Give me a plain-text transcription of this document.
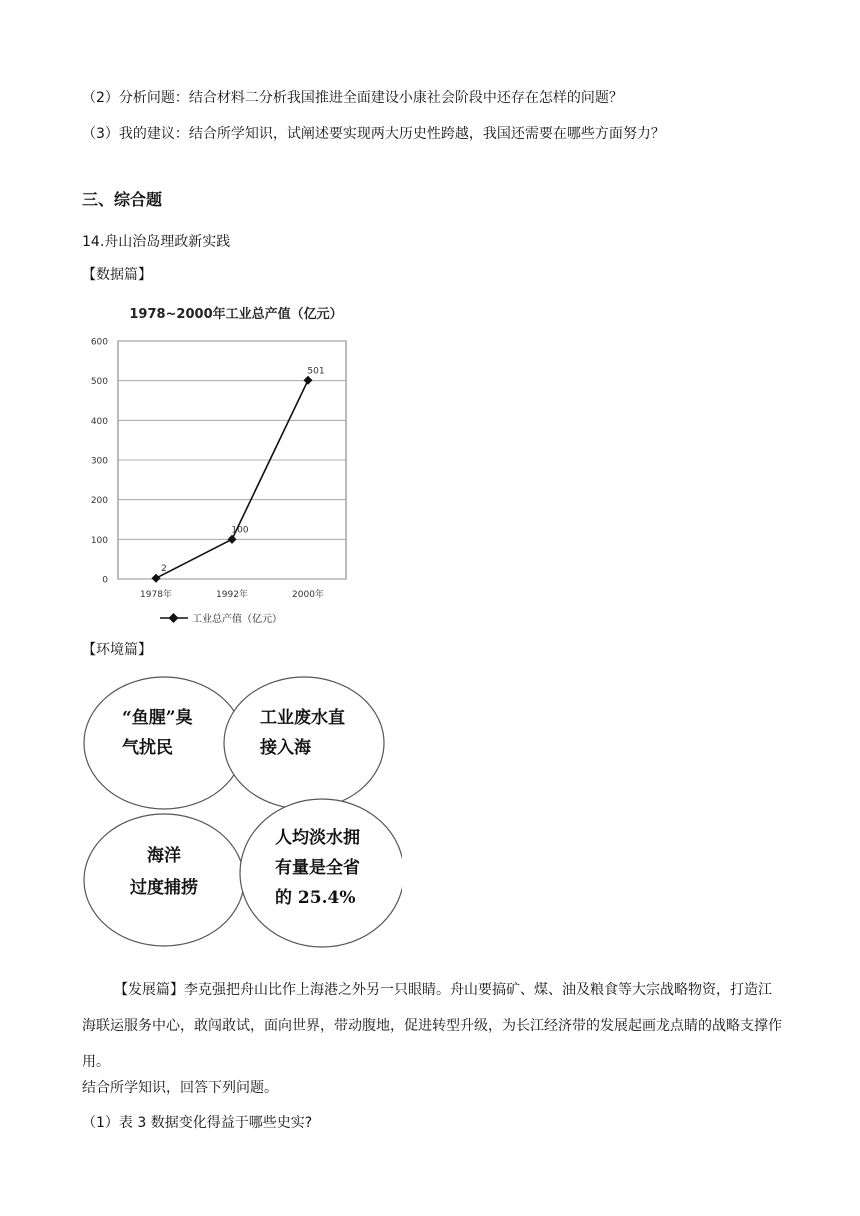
（2）分析问题：结合材料二分析我国推进全面建设小康社会阶段中还存在怎样的问题？
（3）我的建议：结合所学知识，试阐述要实现两大历史性跨越，我国还需要在哪些方面努力？
三、综合题
14.舟山治岛理政新实践
【数据篇】
1978~2000年工业总产值（亿元）
0
100
200
300
400
500
600
1978年	1992年	2000年
2
100
501
工业总产值（亿元）
【环境篇】
“鱼腥”臭
气扰民
工业废水直
接入海
海洋
过度捕捞
人均淡水拥
有量是全省
的 25.4%
【发展篇】李克强把舟山比作上海港之外另一只眼睛。舟山要搞矿、煤、油及粮食等大宗战略物资，打造江海联运服务中心，敢闯敢试，面向世界，带动腹地，促进转型升级，为长江经济带的发展起画龙点睛的战略支撑作用。
结合所学知识，回答下列问题。
（1）表 3 数据变化得益于哪些史实?
